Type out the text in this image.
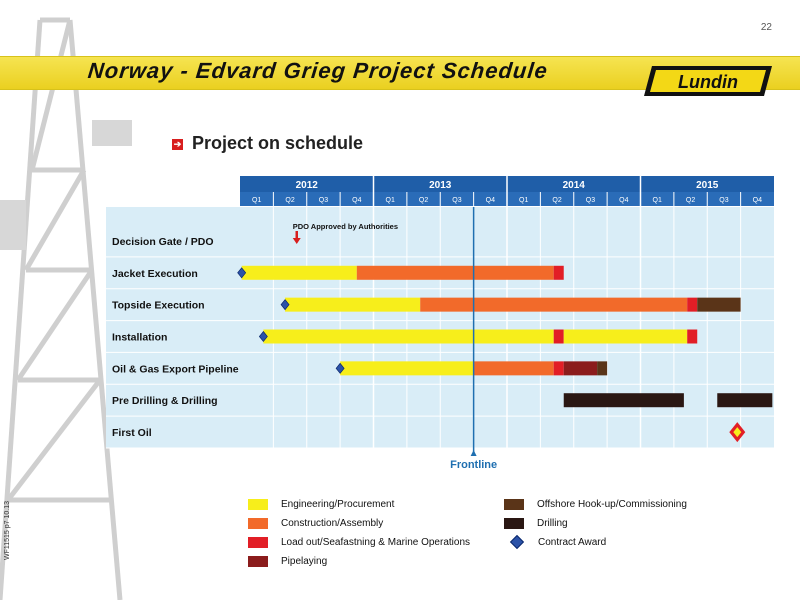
22
Norway - Edvard Grieg Project Schedule	Lundin
➔ Project on schedule
2012	2013	2014	2015
Q1	Q2	Q3	Q4	Q1	Q2	Q3	Q4	Q1	Q2	Q3	Q4	Q1	Q2	Q3	Q4
Decision Gate / PDO
PDO Approved by Authorities
Jacket Execution
Topside Execution
Installation
Oil & Gas Export Pipeline
Pre Drilling & Drilling
First Oil
Frontline
Engineering/Procurement
Construction/Assembly
Load out/Seafastning & Marine Operations
Pipelaying
Offshore Hook-up/Commissioning
Drilling
Contract Award
WF11515 p7 10.13
